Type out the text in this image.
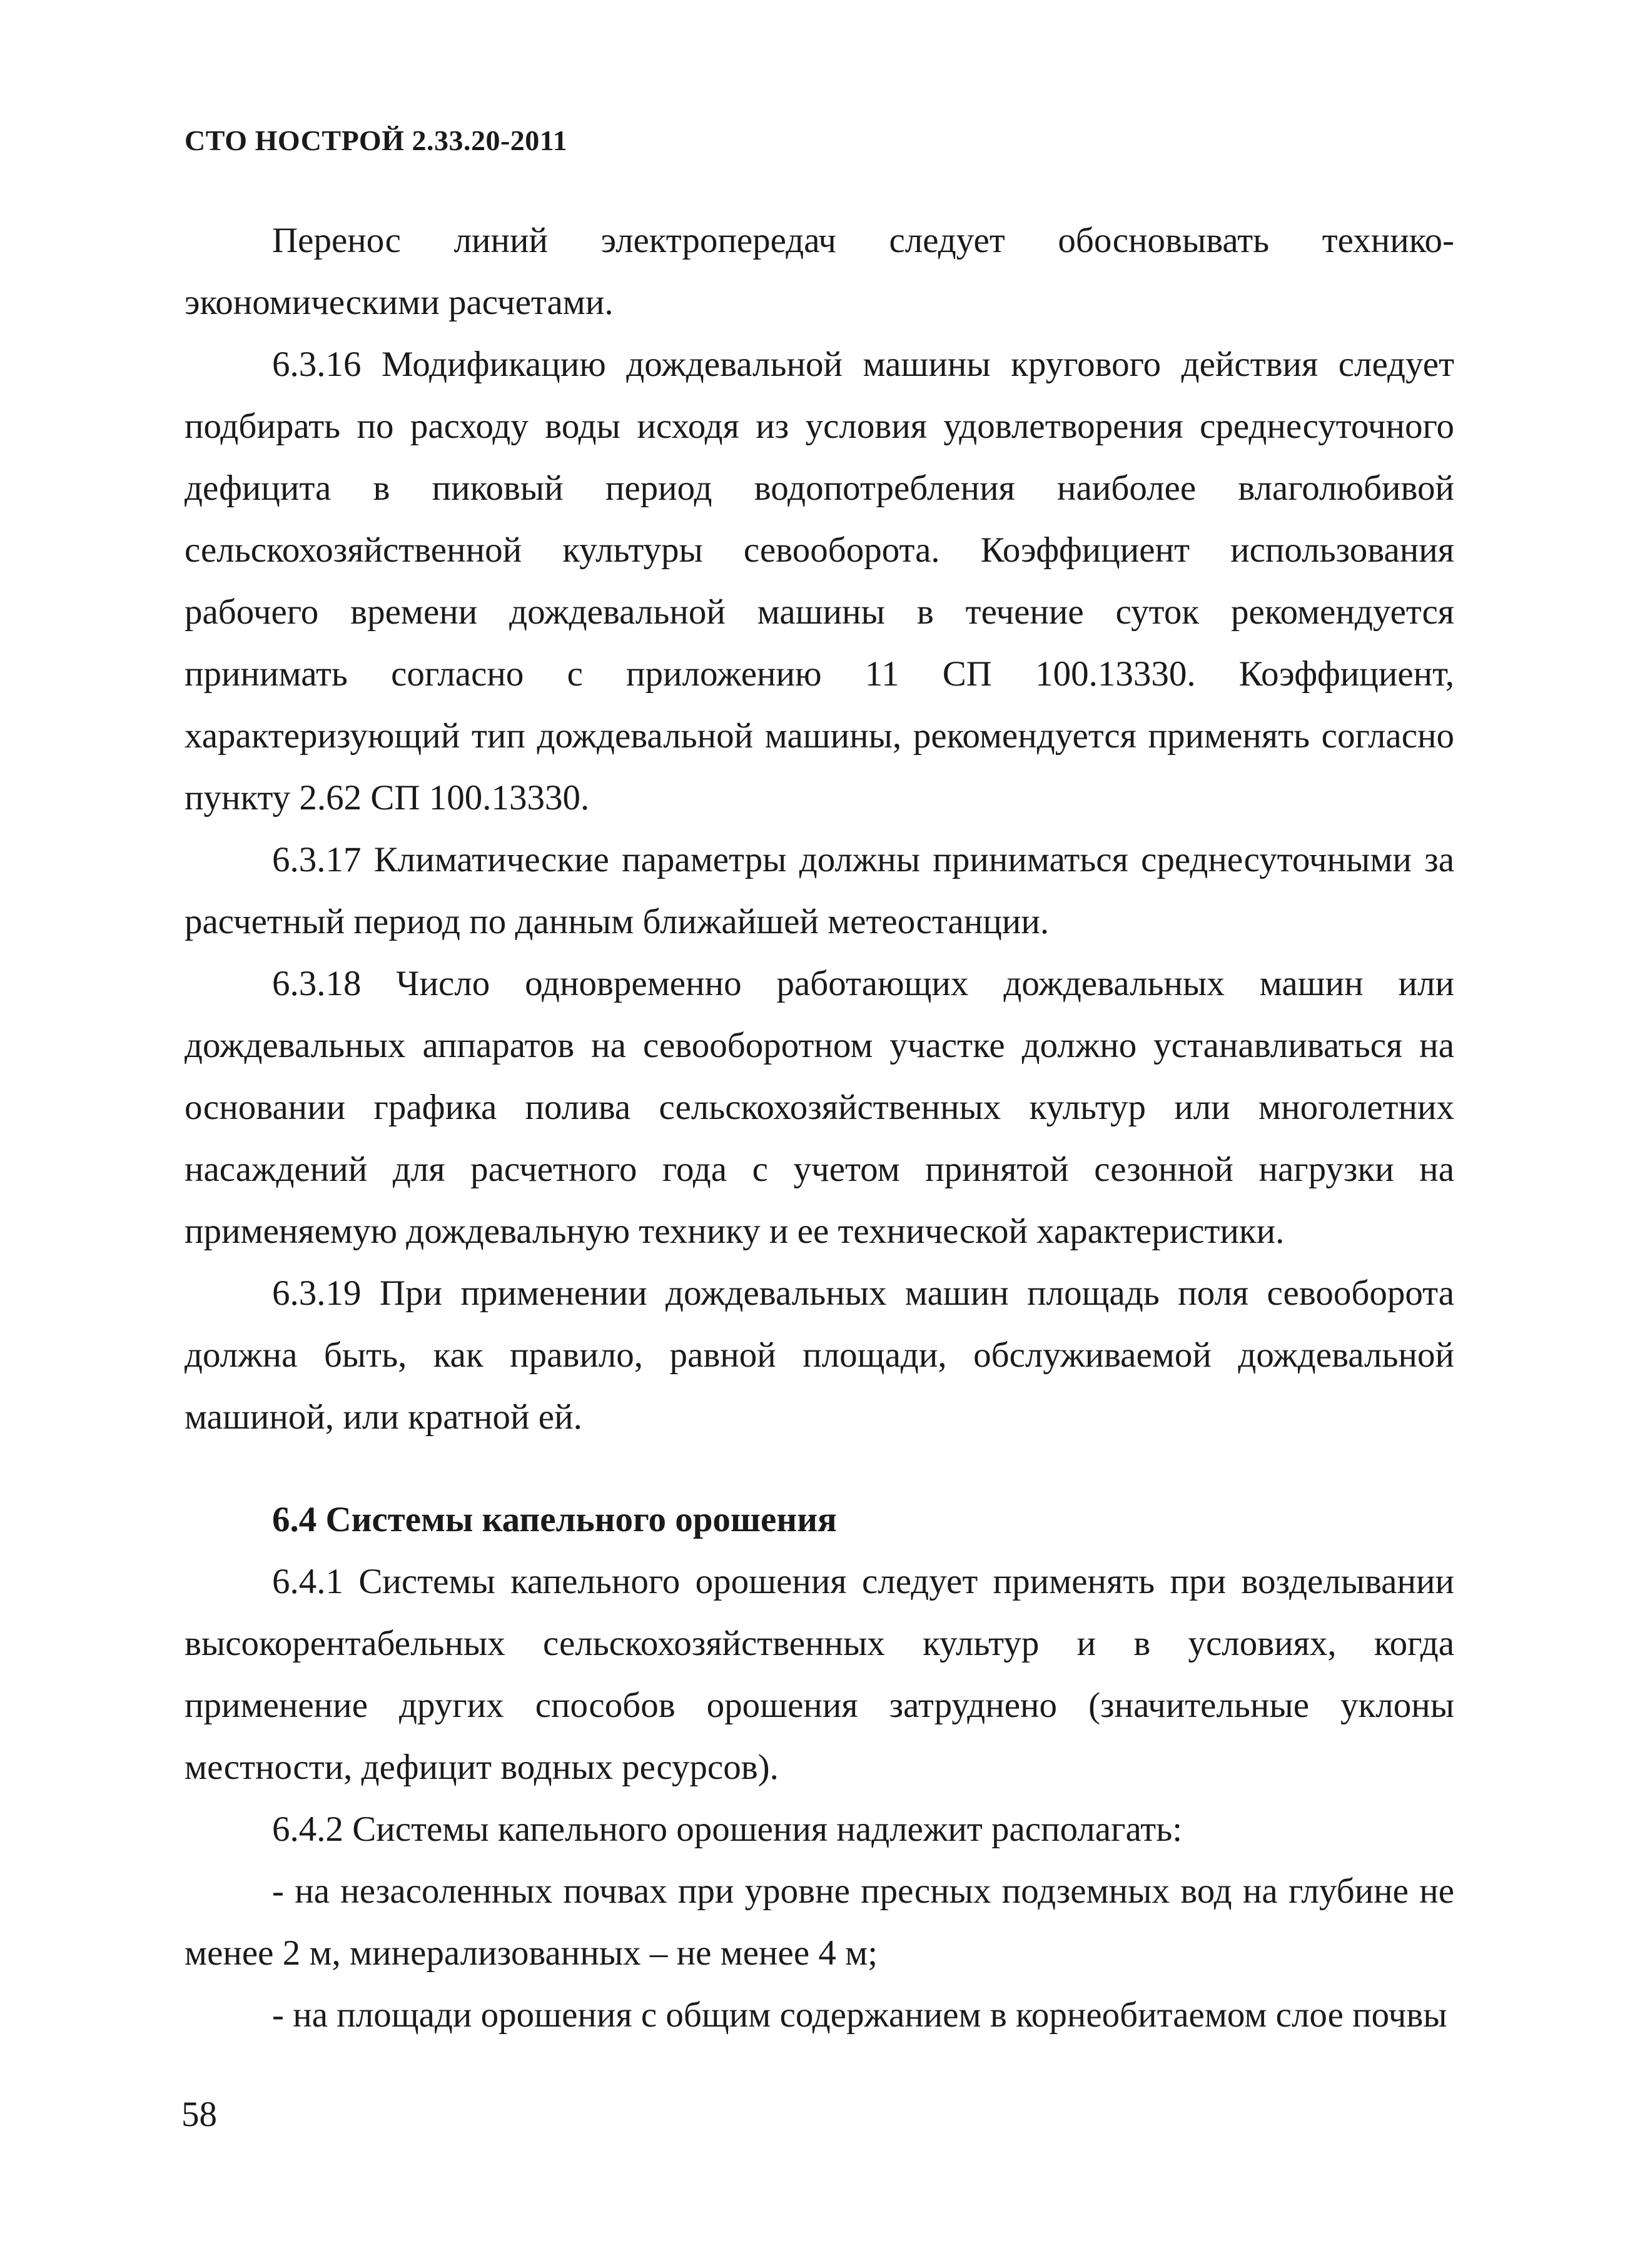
СТО НОСТРОЙ 2.33.20-2011

Перенос линий электропередач следует обосновывать технико-экономическими расчетами.

6.3.16 Модификацию дождевальной машины кругового действия следует подбирать по расходу воды исходя из условия удовлетворения среднесуточного дефицита в пиковый период водопотребления наиболее влаголюбивой сельскохозяйственной культуры севооборота. Коэффициент использования рабочего времени дождевальной машины в течение суток рекомендуется принимать согласно с приложению 11 СП 100.13330. Коэффициент, характеризующий тип дождевальной машины, рекомендуется применять согласно пункту 2.62 СП 100.13330.

6.3.17 Климатические параметры должны приниматься среднесуточными за расчетный период по данным ближайшей метеостанции.

6.3.18 Число одновременно работающих дождевальных машин или дождевальных аппаратов на севооборотном участке должно устанавливаться на основании графика полива сельскохозяйственных культур или многолетних насаждений для расчетного года с учетом принятой сезонной нагрузки на применяемую дождевальную технику и ее технической характеристики.

6.3.19 При применении дождевальных машин площадь поля севооборота должна быть, как правило, равной площади, обслуживаемой дождевальной машиной, или кратной ей.

6.4 Системы капельного орошения

6.4.1 Системы капельного орошения следует применять при возделывании высокорентабельных сельскохозяйственных культур и в условиях, когда применение других способов орошения затруднено (значительные уклоны местности, дефицит водных ресурсов).

6.4.2 Системы капельного орошения надлежит располагать:

- на незасоленных почвах при уровне пресных подземных вод на глубине не менее 2 м, минерализованных – не менее 4 м;

- на площади орошения с общим содержанием в корнеобитаемом слое почвы

58
